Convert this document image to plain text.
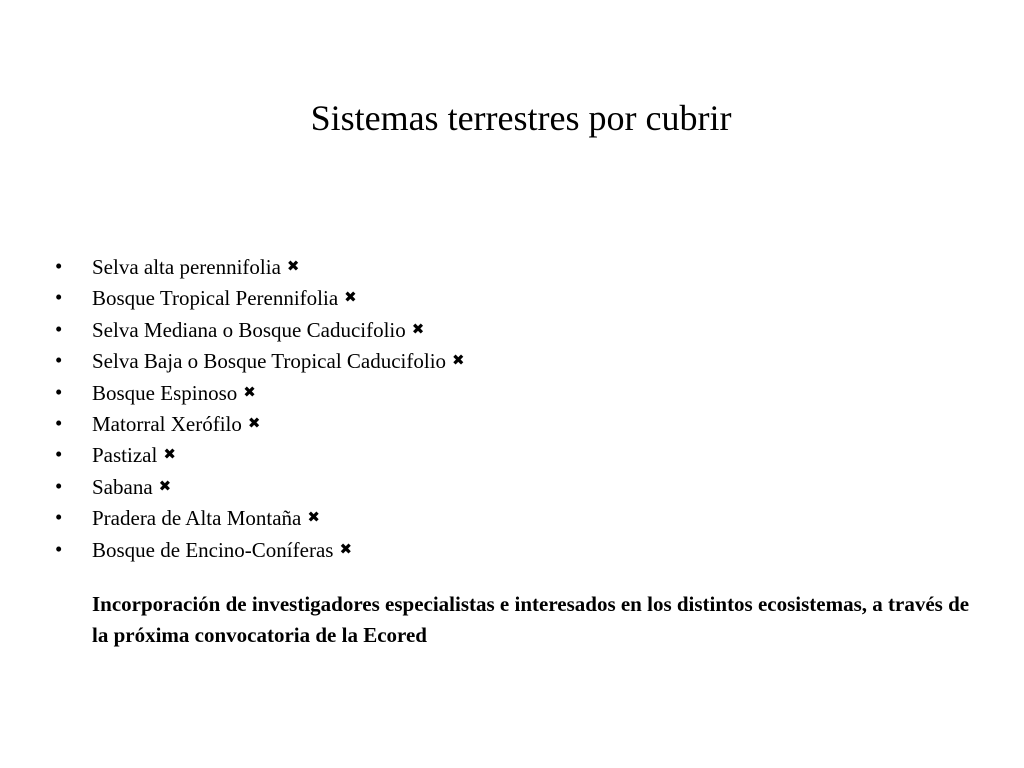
Sistemas terrestres por cubrir
• Selva alta perennifolia ✖
• Bosque Tropical Perennifolia ✖
• Selva Mediana o Bosque Caducifolio ✖
• Selva Baja o Bosque Tropical Caducifolio ✖
• Bosque Espinoso ✖
• Matorral Xerófilo ✖
• Pastizal ✖
• Sabana ✖
• Pradera de Alta Montaña ✖
• Bosque de Encino-Coníferas ✖

Incorporación de investigadores especialistas e interesados en los distintos ecosistemas, a través de la próxima convocatoria de la Ecored
